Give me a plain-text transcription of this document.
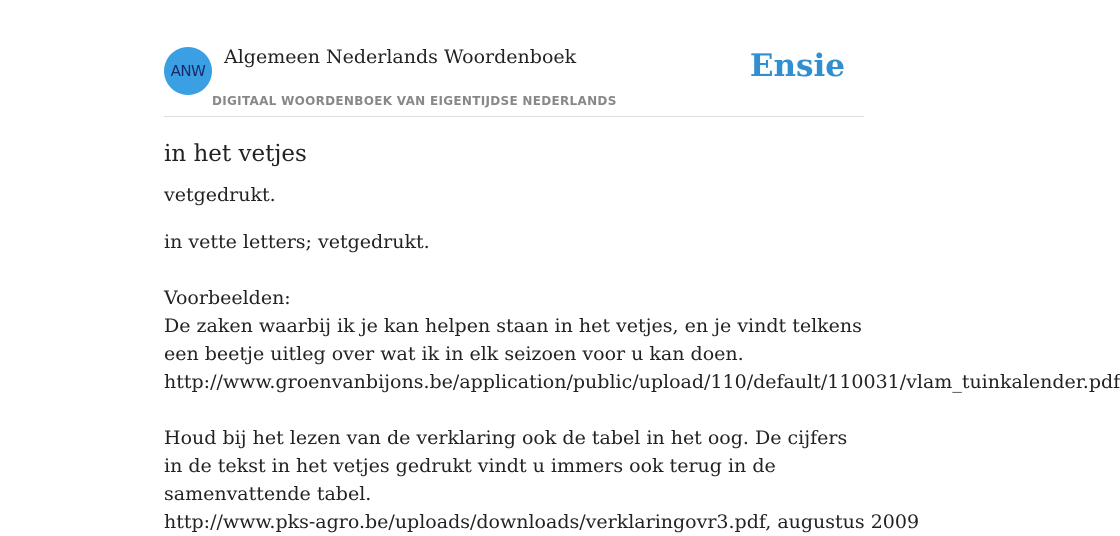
ANW
Algemeen Nederlands Woordenboek
DIGITAAL WOORDENBOEK VAN EIGENTIJDSE NEDERLANDS
Ensie
in het vetjes

vetgedrukt.

in vette letters; vetgedrukt.

Voorbeelden:

De zaken waarbij ik je kan helpen staan in het vetjes, en je vindt telkens een beetje uitleg over wat ik in elk seizoen voor u kan doen.
http://www.groenvanbijons.be/application/public/upload/110/default/110031/vlam_tuinkalender.pdf

Houd bij het lezen van de verklaring ook de tabel in het oog. De cijfers in de tekst in het vetjes gedrukt vindt u immers ook terug in de samenvattende tabel.
http://www.pks-agro.be/uploads/downloads/verklaringovr3.pdf, augustus 2009
